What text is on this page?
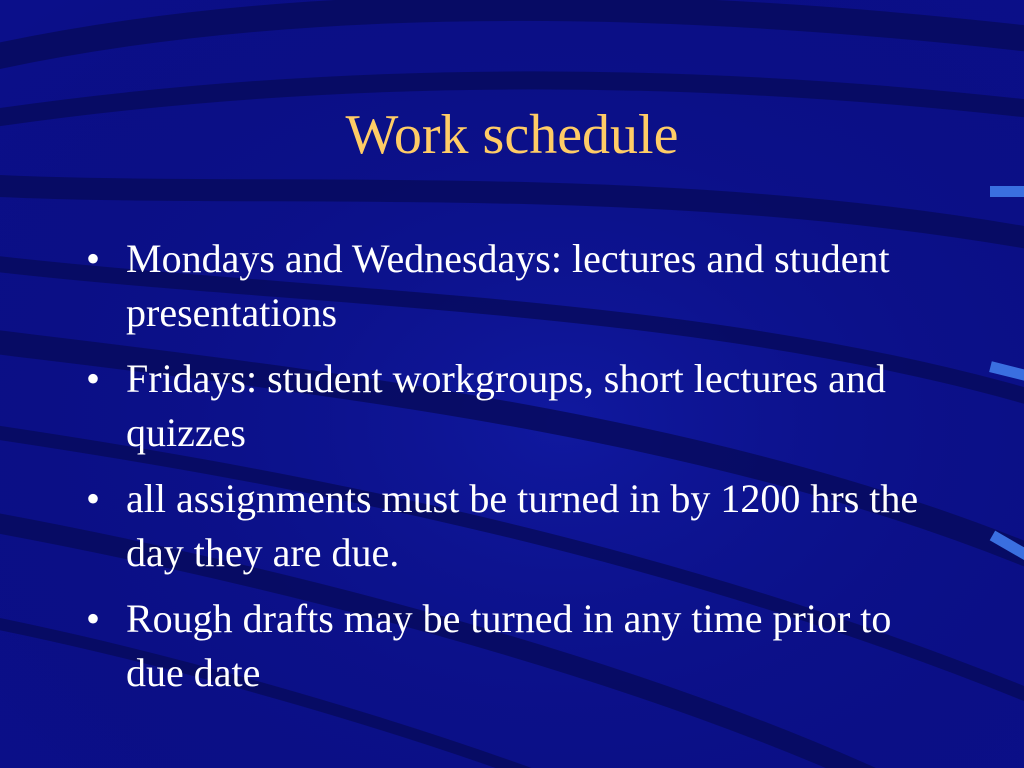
Work schedule
• Mondays and Wednesdays: lectures and student presentations
• Fridays: student workgroups, short lectures and quizzes
• all assignments must be turned in by 1200 hrs the day they are due.
• Rough drafts may be turned in any time prior to due date
